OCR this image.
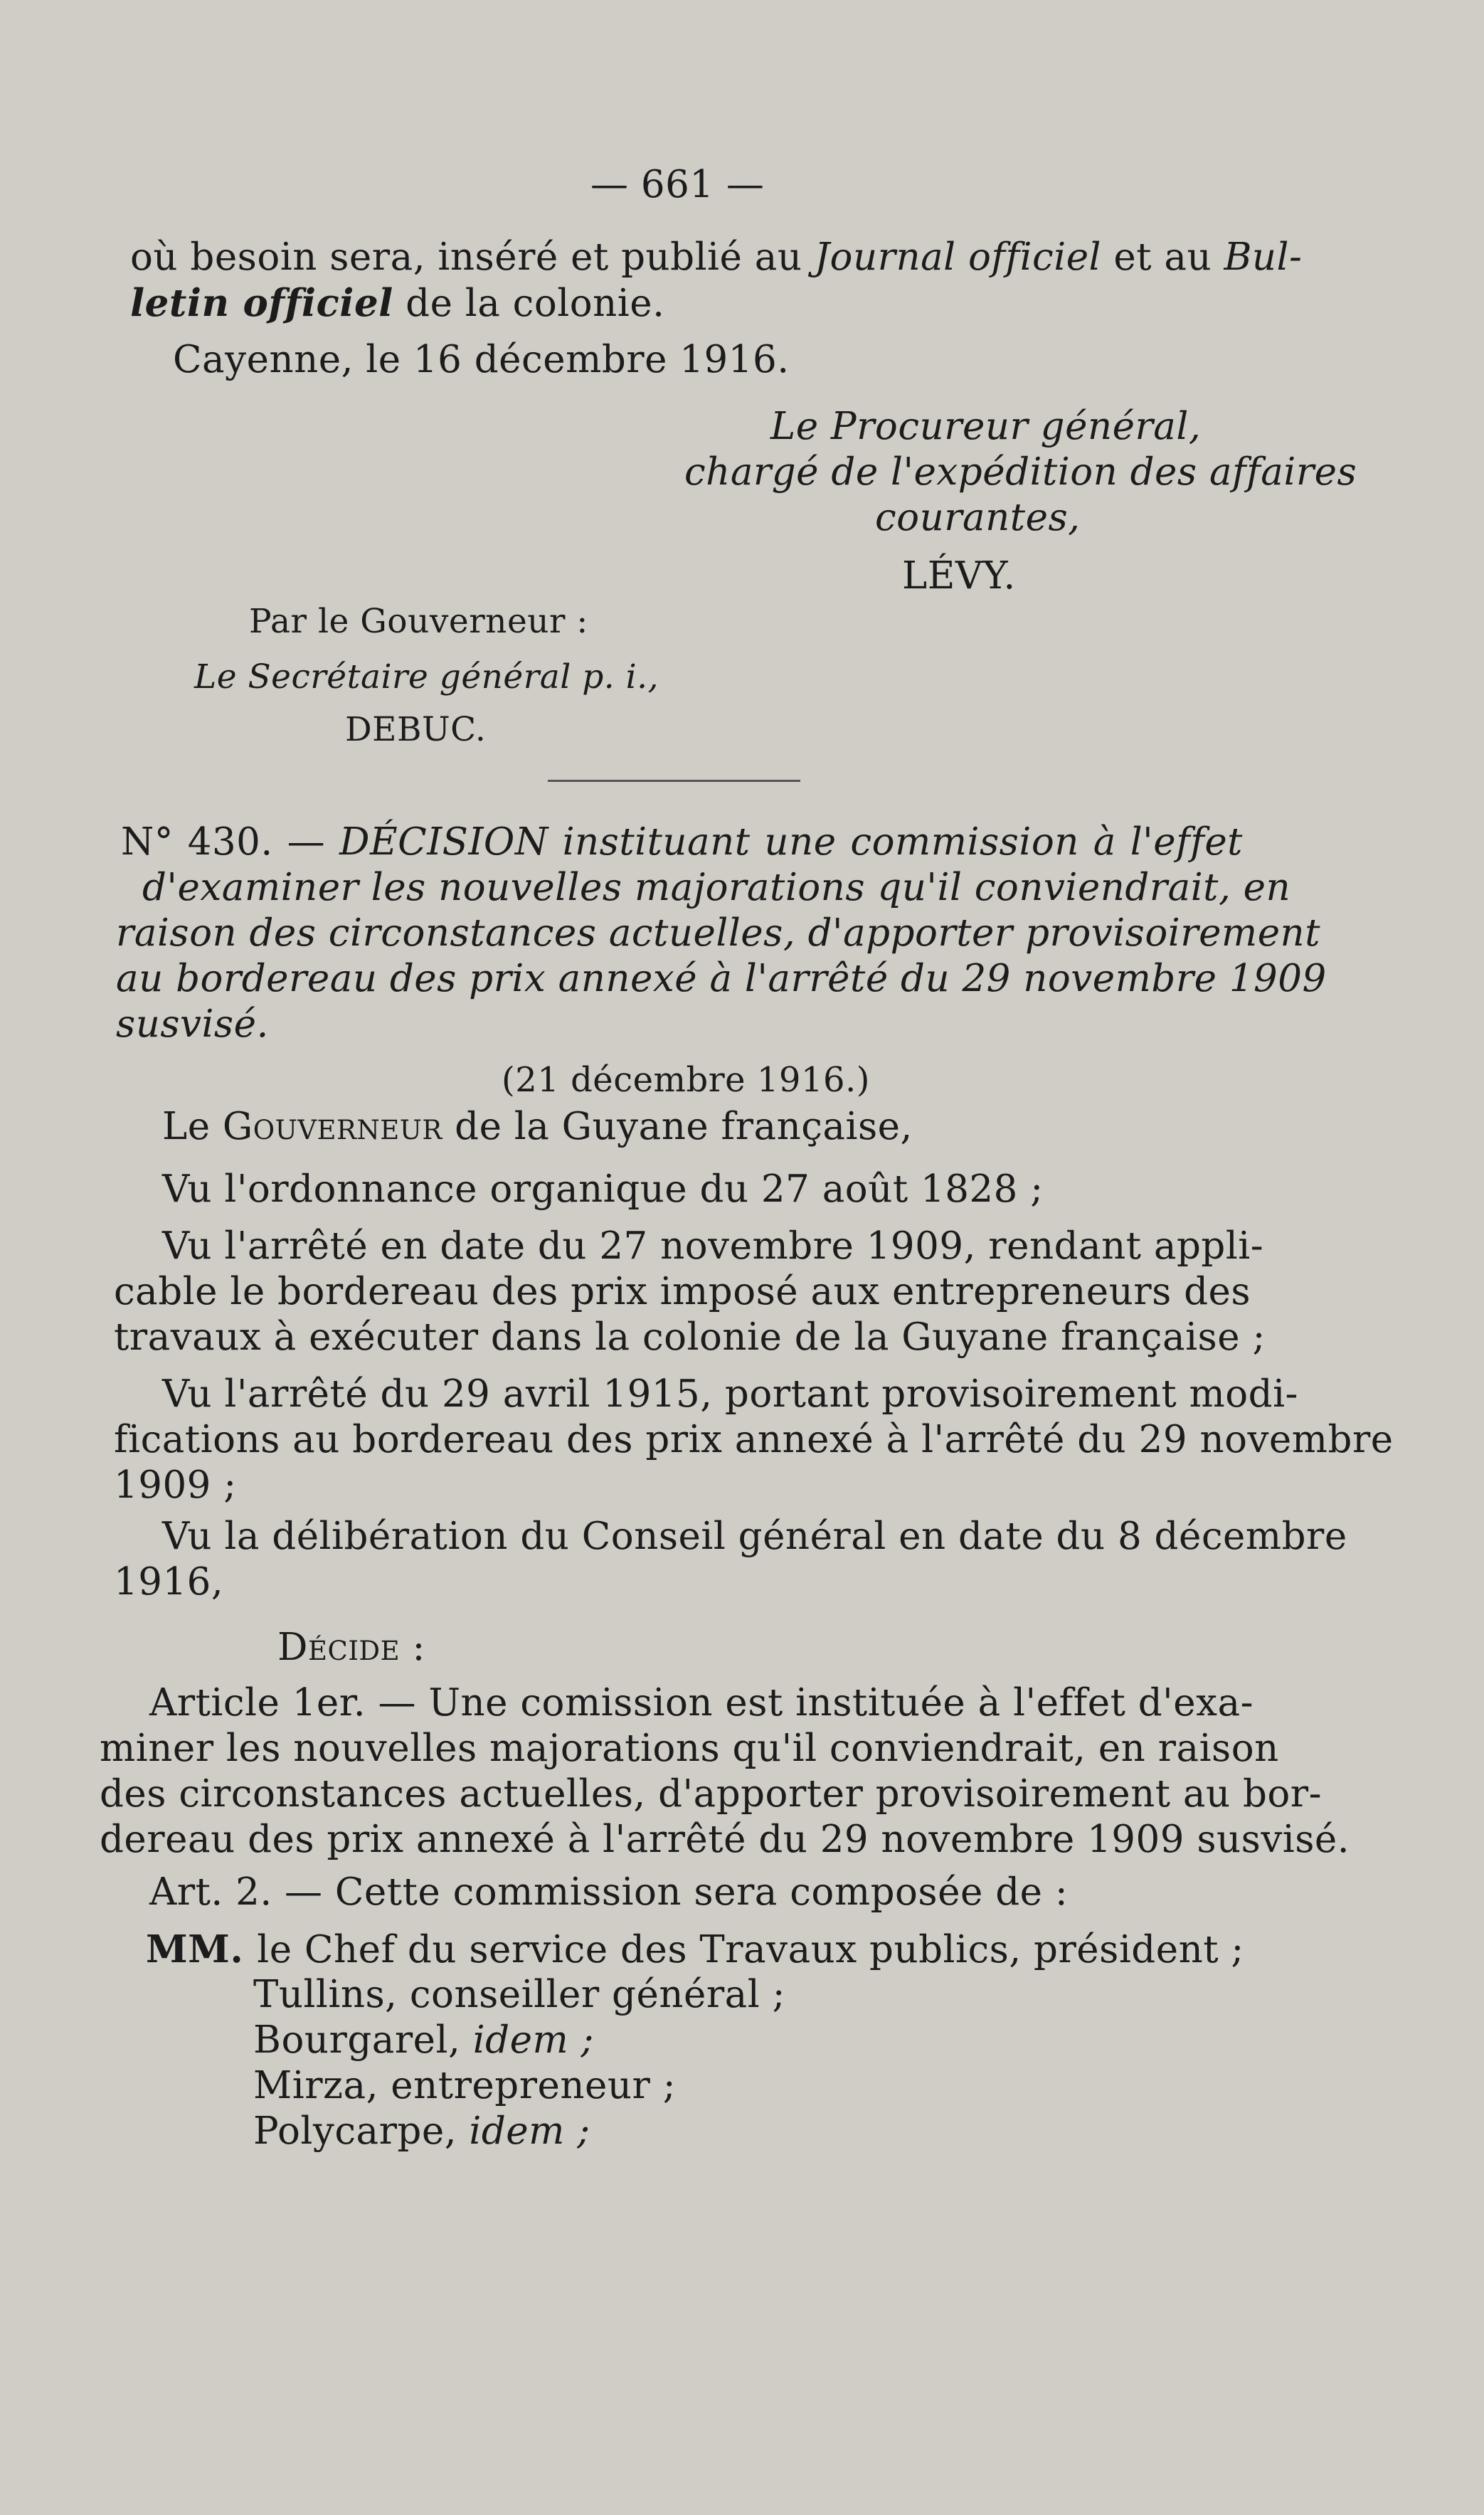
— 661 —
où besoin sera, inséré et publié au Journal officiel et au Bul-
letin officiel de la colonie.
Cayenne, le 16 décembre 1916.
Le Procureur général,
chargé de l'expédition des affaires
courantes,
LÉVY.
Par le Gouverneur :
Le Secrétaire général p. i.,
DEBUC.
N° 430. — DÉCISION instituant une commission à l'effet
d'examiner les nouvelles majorations qu'il conviendrait, en
raison des circonstances actuelles, d'apporter provisoirement
au bordereau des prix annexé à l'arrêté du 29 novembre 1909
susvisé.
(21 décembre 1916.)
Le Gouverneur de la Guyane française,
Vu l'ordonnance organique du 27 août 1828 ;
Vu l'arrêté en date du 27 novembre 1909, rendant appli-
cable le bordereau des prix imposé aux entrepreneurs des
travaux à exécuter dans la colonie de la Guyane française ;
Vu l'arrêté du 29 avril 1915, portant provisoirement modi-
fications au bordereau des prix annexé à l'arrêté du 29 novembre
1909 ;
Vu la délibération du Conseil général en date du 8 décembre
1916,
Décide :
Article 1er. — Une comission est instituée à l'effet d'exa-
miner les nouvelles majorations qu'il conviendrait, en raison
des circonstances actuelles, d'apporter provisoirement au bor-
dereau des prix annexé à l'arrêté du 29 novembre 1909 susvisé.
Art. 2. — Cette commission sera composée de :
MM. le Chef du service des Travaux publics, président ;
Tullins, conseiller général ;
Bourgarel, idem ;
Mirza, entrepreneur ;
Polycarpe, idem ;
